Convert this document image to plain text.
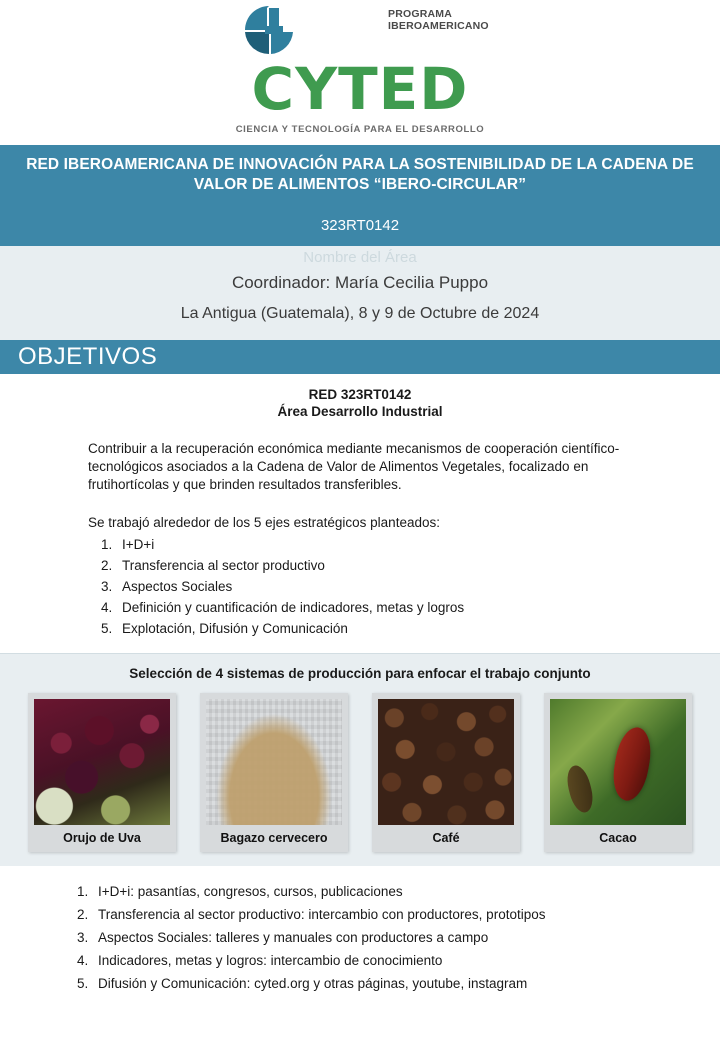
PROGRAMA
IBEROAMERICANO
CYTED
CIENCIA Y TECNOLOGÍA PARA EL DESARROLLO
RED IBEROAMERICANA DE INNOVACIÓN PARA LA SOSTENIBILIDAD DE LA CADENA DE VALOR DE ALIMENTOS “IBERO-CIRCULAR”
323RT0142
Nombre del Área
Coordinador: María Cecilia Puppo
La Antigua (Guatemala), 8 y 9 de Octubre de 2024
OBJETIVOS
RED 323RT0142
Área Desarrollo Industrial
Contribuir a la recuperación económica mediante mecanismos de cooperación científico-tecnológicos asociados a la Cadena de Valor de Alimentos Vegetales, focalizado en frutihortícolas y que brinden resultados transferibles.
Se trabajó alrededor de los 5 ejes estratégicos planteados:
1. I+D+i
2. Transferencia al sector productivo
3. Aspectos Sociales
4. Definición y cuantificación de indicadores, metas y logros
5. Explotación, Difusión y Comunicación
Selección de 4 sistemas de producción para enfocar el trabajo conjunto
Orujo de Uva	Bagazo cervecero	Café	Cacao
1. I+D+i: pasantías, congresos, cursos, publicaciones
2. Transferencia al sector productivo: intercambio con productores, prototipos
3. Aspectos Sociales: talleres y manuales con productores a campo
4. Indicadores, metas y logros: intercambio de conocimiento
5. Difusión y Comunicación: cyted.org y otras páginas, youtube, instagram
